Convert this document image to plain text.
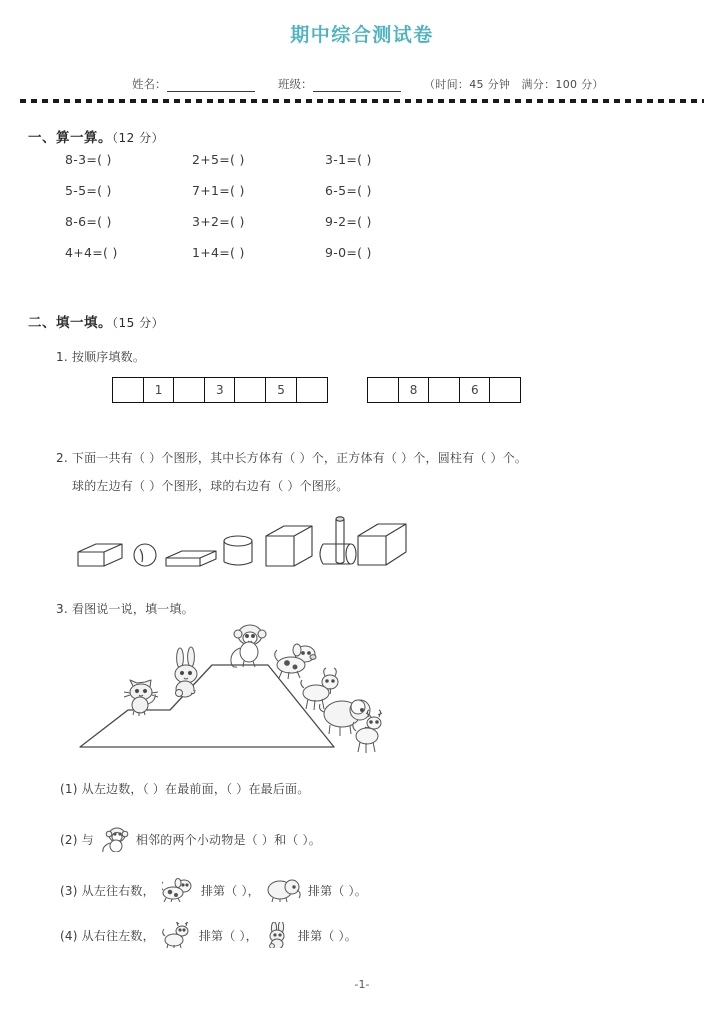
期中综合测试卷
姓名：	班级：	（时间：45 分钟　满分：100 分）
一、算一算。（12 分）
8-3=( )	2+5=( )	3-1=( )
5-5=( )	7+1=( )	6-5=( )
8-6=( )	3+2=( )	9-2=( )
4+4=( )	1+4=( )	9-0=( )
二、填一填。（15 分）
1. 按顺序填数。
1	3	5	8	6
2. 下面一共有（ ）个图形，其中长方体有（ ）个，正方体有（ ）个，圆柱有（ ）个。
球的左边有（ ）个图形，球的右边有（ ）个图形。
3. 看图说一说，填一填。
(1) 从左边数，（ ）在最前面，（ ）在最后面。
(2) 与	相邻的两个小动物是（ ）和（ ）。
(3) 从左往右数，	排第（ ），	排第（ ）。
(4) 从右往左数，	排第（ ），	排第（ ）。
-1-
